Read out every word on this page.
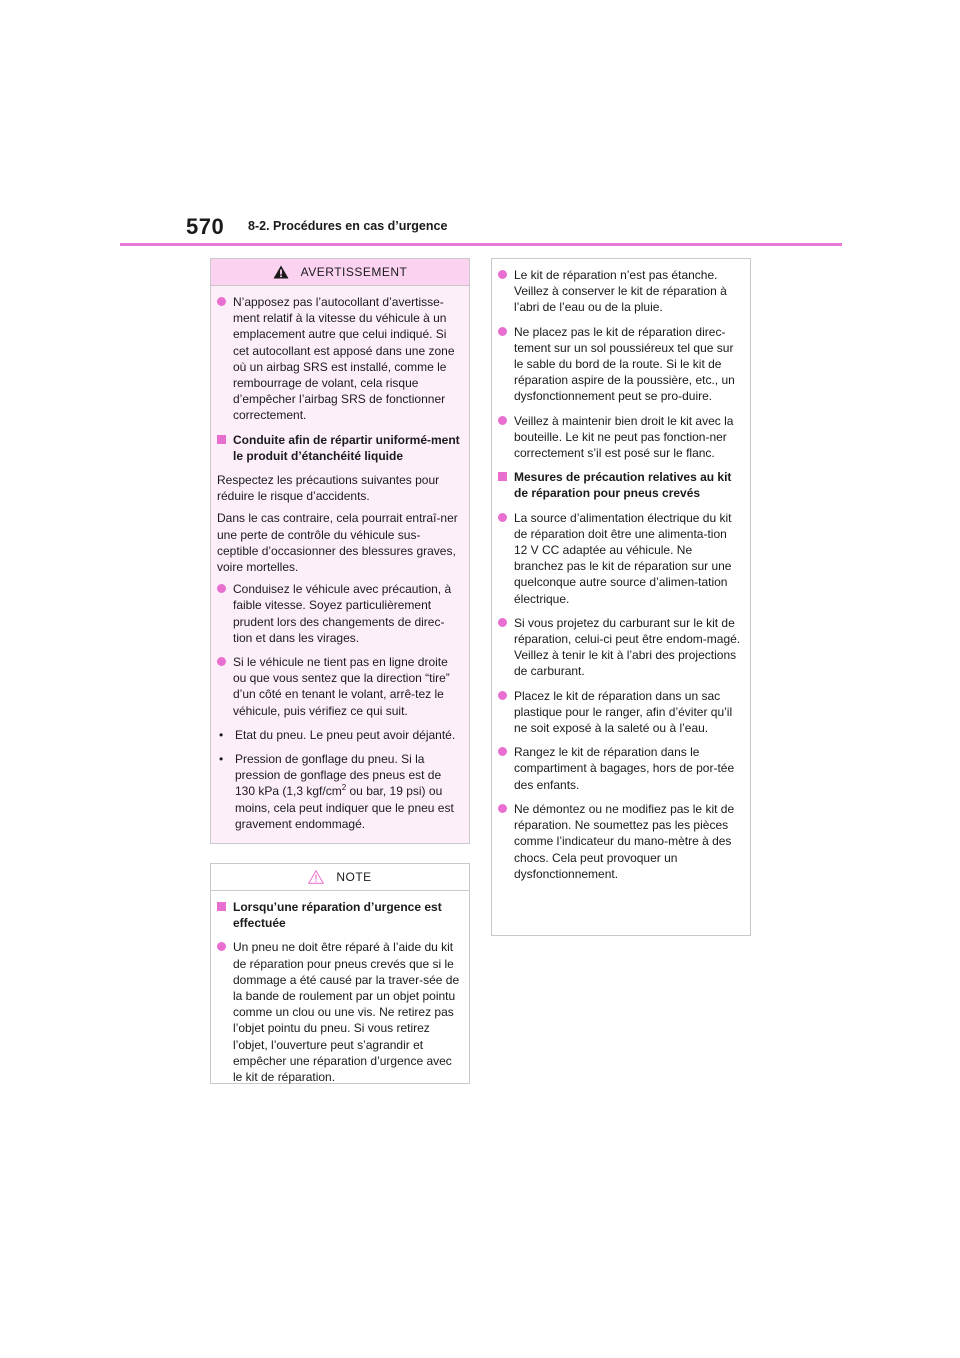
570 8-2. Procédures en cas d’urgence
AVERTISSEMENT
N’apposez pas l’autocollant d’avertisse-ment relatif à la vitesse du véhicule à un emplacement autre que celui indiqué. Si cet autocollant est apposé dans une zone où un airbag SRS est installé, comme le rembourrage de volant, cela risque d’empêcher l’airbag SRS de fonctionner correctement.
Conduite afin de répartir uniformé-ment le produit d’étanchéité liquide
Respectez les précautions suivantes pour réduire le risque d’accidents.
Dans le cas contraire, cela pourrait entraî-ner une perte de contrôle du véhicule sus-ceptible d’occasionner des blessures graves, voire mortelles.
Conduisez le véhicule avec précaution, à faible vitesse. Soyez particulièrement prudent lors des changements de direc-tion et dans les virages.
Si le véhicule ne tient pas en ligne droite ou que vous sentez que la direction “tire” d’un côté en tenant le volant, arrê-tez le véhicule, puis vérifiez ce qui suit.
• Etat du pneu. Le pneu peut avoir déjanté.
• Pression de gonflage du pneu. Si la pression de gonflage des pneus est de 130 kPa (1,3 kgf/$cm^2$ ou bar, 19 psi) ou moins, cela peut indiquer que le pneu est gravement endommagé.
NOTE
Lorsqu’une réparation d’urgence est effectuée
Un pneu ne doit être réparé à l’aide du kit de réparation pour pneus crevés que si le dommage a été causé par la traver-sée de la bande de roulement par un objet pointu comme un clou ou une vis. Ne retirez pas l’objet pointu du pneu. Si vous retirez l’objet, l’ouverture peut s’agrandir et empêcher une réparation d’urgence avec le kit de réparation.
Le kit de réparation n’est pas étanche. Veillez à conserver le kit de réparation à l’abri de l’eau ou de la pluie.
Ne placez pas le kit de réparation direc-tement sur un sol poussiéreux tel que sur le sable du bord de la route. Si le kit de réparation aspire de la poussière, etc., un dysfonctionnement peut se pro-duire.
Veillez à maintenir bien droit le kit avec la bouteille. Le kit ne peut pas fonction-ner correctement s’il est posé sur le flanc.
Mesures de précaution relatives au kit de réparation pour pneus crevés
La source d’alimentation électrique du kit de réparation doit être une alimenta-tion 12 V CC adaptée au véhicule. Ne branchez pas le kit de réparation sur une quelconque autre source d’alimen-tation électrique.
Si vous projetez du carburant sur le kit de réparation, celui-ci peut être endom-magé. Veillez à tenir le kit à l’abri des projections de carburant.
Placez le kit de réparation dans un sac plastique pour le ranger, afin d’éviter qu’il ne soit exposé à la saleté ou à l’eau.
Rangez le kit de réparation dans le compartiment à bagages, hors de por-tée des enfants.
Ne démontez ou ne modifiez pas le kit de réparation. Ne soumettez pas les pièces comme l’indicateur du mano-mètre à des chocs. Cela peut provoquer un dysfonctionnement.
